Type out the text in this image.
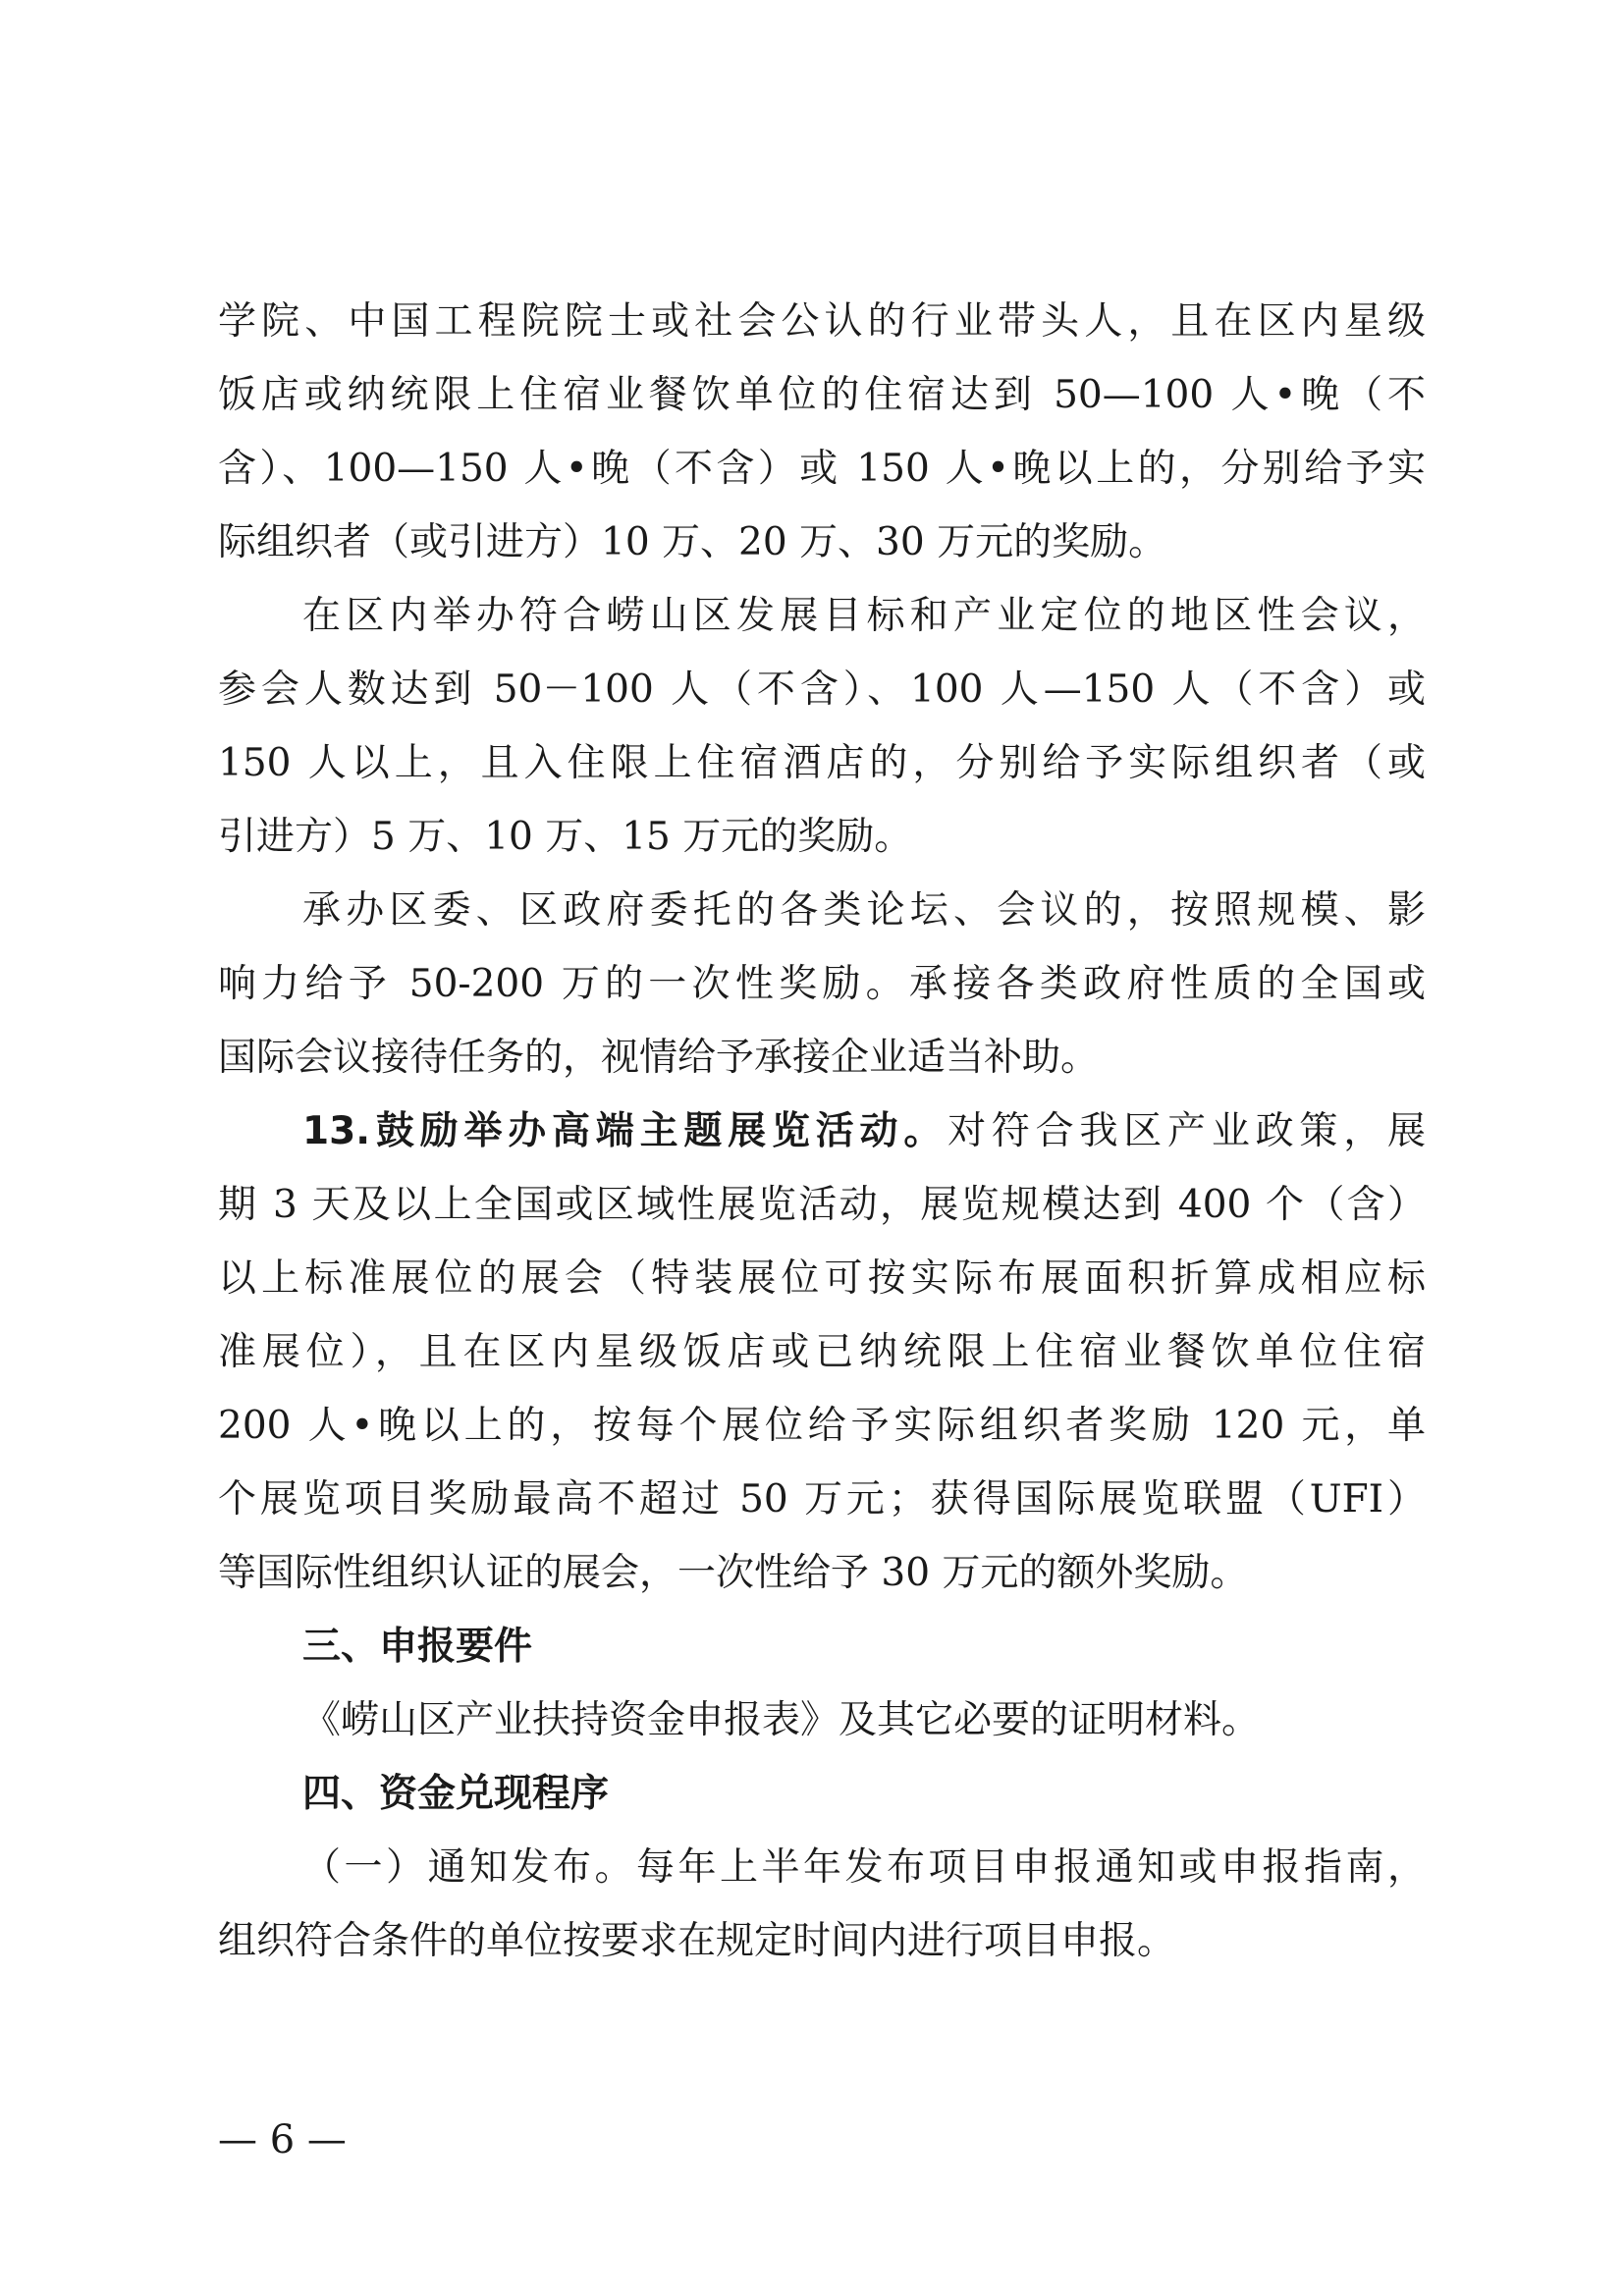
学院、中国工程院院士或社会公认的行业带头人，且在区内星级
饭店或纳统限上住宿业餐饮单位的住宿达到 50—100 人•晚（不
含）、100—150 人•晚（不含）或 150 人•晚以上的，分别给予实
际组织者（或引进方）10 万、20 万、30 万元的奖励。
在区内举办符合崂山区发展目标和产业定位的地区性会议，
参会人数达到 50－100 人（不含）、100 人—150 人（不含）或
150 人以上，且入住限上住宿酒店的，分别给予实际组织者（或
引进方）5 万、10 万、15 万元的奖励。
承办区委、区政府委托的各类论坛、会议的，按照规模、影
响力给予 50-200 万的一次性奖励。承接各类政府性质的全国或
国际会议接待任务的，视情给予承接企业适当补助。
13.鼓励举办高端主题展览活动。对符合我区产业政策，展
期 3 天及以上全国或区域性展览活动，展览规模达到 400 个（含）
以上标准展位的展会（特装展位可按实际布展面积折算成相应标
准展位），且在区内星级饭店或已纳统限上住宿业餐饮单位住宿
200 人•晚以上的，按每个展位给予实际组织者奖励 120 元，单
个展览项目奖励最高不超过 50 万元；获得国际展览联盟（UFI）
等国际性组织认证的展会，一次性给予 30 万元的额外奖励。
三、申报要件
《崂山区产业扶持资金申报表》及其它必要的证明材料。
四、资金兑现程序
（一）通知发布。每年上半年发布项目申报通知或申报指南，
组织符合条件的单位按要求在规定时间内进行项目申报。
— 6 —
